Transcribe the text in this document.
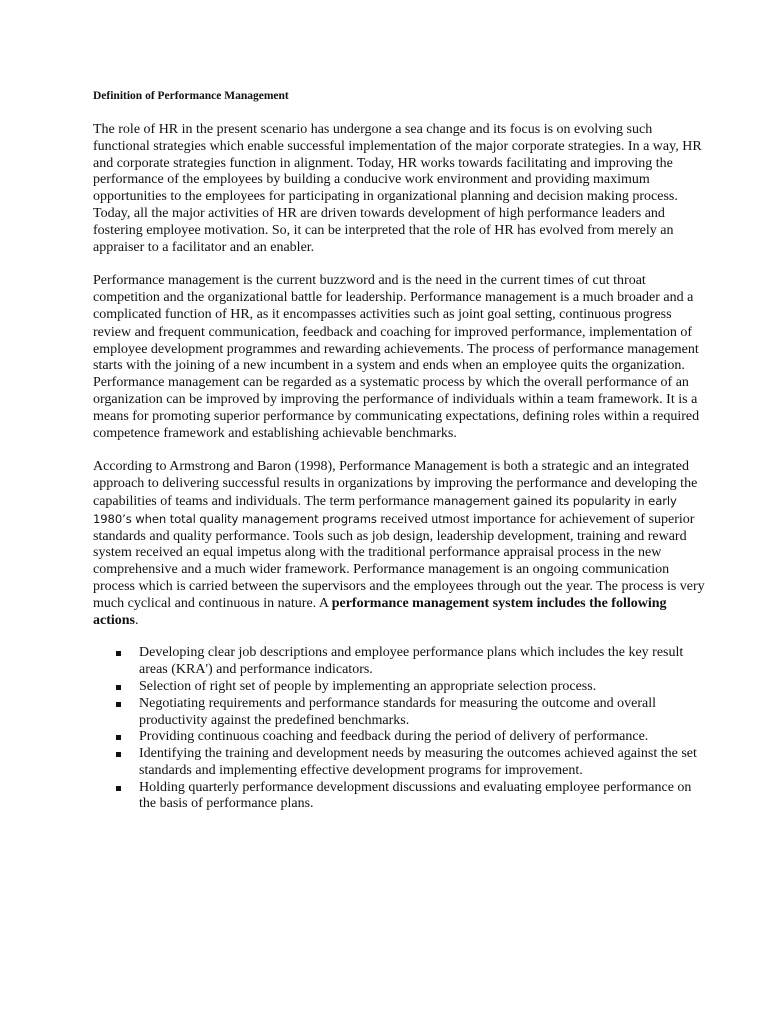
Definition of Performance Management

The role of HR in the present scenario has undergone a sea change and its focus is on evolving such functional strategies which enable successful implementation of the major corporate strategies. In a way, HR and corporate strategies function in alignment. Today, HR works towards facilitating and improving the performance of the employees by building a conducive work environment and providing maximum opportunities to the employees for participating in organizational planning and decision making process. Today, all the major activities of HR are driven towards development of high performance leaders and fostering employee motivation. So, it can be interpreted that the role of HR has evolved from merely an appraiser to a facilitator and an enabler.

Performance management is the current buzzword and is the need in the current times of cut throat competition and the organizational battle for leadership. Performance management is a much broader and a complicated function of HR, as it encompasses activities such as joint goal setting, continuous progress

review and frequent communication, feedback and coaching for improved performance, implementation of employee development programmes and rewarding achievements. The process of performance management starts with the joining of a new incumbent in a system and ends when an employee quits the organization. Performance management can be regarded as a systematic process by which the overall performance of an organization can be improved by improving the performance of individuals within a team framework. It is a means for promoting superior performance by communicating expectations, defining roles within a required competence framework and establishing achievable benchmarks.

According to Armstrong and Baron (1998), Performance Management is both a strategic and an integrated approach to delivering successful results in organizations by improving the performance and developing the capabilities of teams and individuals. The term performance management gained its popularity in early 1980’s when total quality management programs received utmost importance for achievement of superior standards and quality performance. Tools such as job design, leadership development, training and reward system received an equal impetus along with the traditional performance appraisal process in the new comprehensive and a much wider framework. Performance management is an ongoing communication process which is carried between the supervisors and the employees through out the year. The process is very much cyclical and continuous in nature. A performance management system includes the following actions.

Developing clear job descriptions and employee performance plans which includes the key result areas (KRA') and performance indicators.
Selection of right set of people by implementing an appropriate selection process.
Negotiating requirements and performance standards for measuring the outcome and overall productivity against the predefined benchmarks.
Providing continuous coaching and feedback during the period of delivery of performance.
Identifying the training and development needs by measuring the outcomes achieved against the set standards and implementing effective development programs for improvement.
Holding quarterly performance development discussions and evaluating employee performance on the basis of performance plans.
